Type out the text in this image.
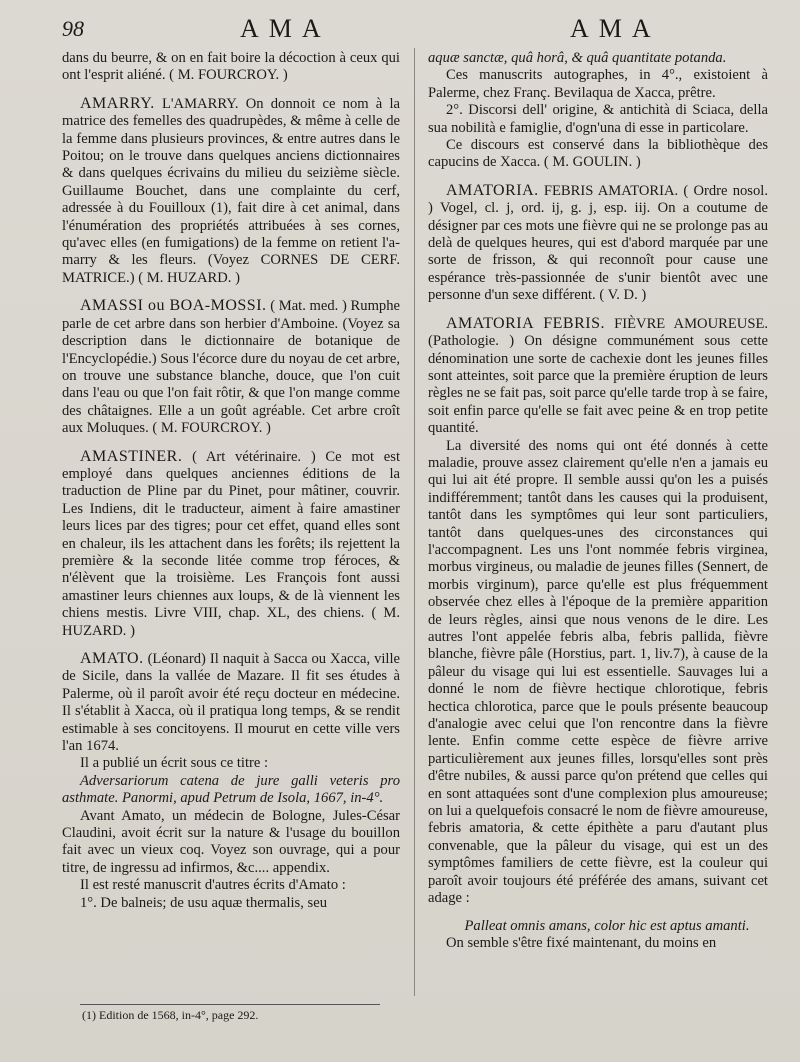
98	AMA	AMA

dans du beurre, & on en fait boire la décoction à ceux qui ont l'esprit aliéné. ( M. FOURCROY. )

AMARRY. L'AMARRY. On donnoit ce nom à la matrice des femelles des quadrupèdes, & même à celle de la femme dans plusieurs provinces, & entre autres dans le Poitou; on le trouve dans quelques anciens dictionnaires & dans quelques écrivains du milieu du seizième siècle. Guillaume Bouchet, dans une complainte du cerf, adressée à du Fouilloux (1), fait dire à cet animal, dans l'énumération des propriétés attribuées à ses cornes, qu'avec elles (en fumigations) de la femme on retient l'a-marry & les fleurs. (Voyez CORNES DE CERF. MATRICE.) ( M. HUZARD. )

AMASSI ou BOA-MOSSI. ( Mat. med. ) Rumphe parle de cet arbre dans son herbier d'Amboine. (Voyez sa description dans le dictionnaire de botanique de l'Encyclopédie.) Sous l'écorce dure du noyau de cet arbre, on trouve une substance blanche, douce, que l'on cuit dans l'eau ou que l'on fait rôtir, & que l'on mange comme des châtaignes. Elle a un goût agréable. Cet arbre croît aux Moluques. ( M. FOURCROY. )

AMASTINER. ( Art vétérinaire. ) Ce mot est employé dans quelques anciennes éditions de la traduction de Pline par du Pinet, pour mâtiner, couvrir. Les Indiens, dit le traducteur, aiment à faire amastiner leurs lices par des tigres; pour cet effet, quand elles sont en chaleur, ils les attachent dans les forêts; ils rejettent la première & la seconde litée comme trop féroces, & n'élèvent que la troisième. Les François font aussi amastiner leurs chiennes aux loups, & de là viennent les chiens mestis. Livre VIII, chap. XL, des chiens. ( M. HUZARD. )

AMATO. (Léonard) Il naquit à Sacca ou Xacca, ville de Sicile, dans la vallée de Mazare. Il fit ses études à Palerme, où il paroît avoir été reçu docteur en médecine. Il s'établit à Xacca, où il pratiqua long temps, & se rendit estimable à ses concitoyens. Il mourut en cette ville vers l'an 1674.

Il a publié un écrit sous ce titre :

Adversariorum catena de jure galli veteris pro asthmate. Panormi, apud Petrum de Isola, 1667, in-4°.

Avant Amato, un médecin de Bologne, Jules-César Claudini, avoit écrit sur la nature & l'usage du bouillon fait avec un vieux coq. Voyez son ouvrage, qui a pour titre, de ingressu ad infirmos, &c.... appendix.

Il est resté manuscrit d'autres écrits d'Amato :

1°. De balneis; de usu aquæ thermalis, seu

aquæ sanctæ, quâ horâ, & quâ quantitate potanda.

Ces manuscrits autographes, in 4°., existoient à Palerme, chez Franç. Bevilaqua de Xacca, prêtre.

2°. Discorsi dell' origine, & antichità di Sciaca, della sua nobilità e famiglie, d'ogn'una di esse in particolare.

Ce discours est conservé dans la bibliothèque des capucins de Xacca. ( M. GOULIN. )

AMATORIA. FEBRIS AMATORIA. ( Ordre nosol. ) Vogel, cl. j, ord. ij, g. j, esp. iij. On a coutume de désigner par ces mots une fièvre qui ne se prolonge pas au delà de quelques heures, qui est d'abord marquée par une sorte de frisson, & qui reconnoît pour cause une espérance très-passionnée de s'unir bientôt avec une personne d'un sexe différent. ( V. D. )

AMATORIA FEBRIS. FIÈVRE AMOUREUSE. (Pathologie. ) On désigne communément sous cette dénomination une sorte de cachexie dont les jeunes filles sont atteintes, soit parce que la première éruption de leurs règles ne se fait pas, soit parce qu'elle tarde trop à se faire, soit enfin parce qu'elle se fait avec peine & en trop petite quantité.

La diversité des noms qui ont été donnés à cette maladie, prouve assez clairement qu'elle n'en a jamais eu qui lui ait été propre. Il semble aussi qu'on les a puisés indifféremment; tantôt dans les causes qui la produisent, tantôt dans les symptômes qui leur sont particuliers, tantôt dans quelques-unes des circonstances qui l'accompagnent. Les uns l'ont nommée febris virginea, morbus virgineus, ou maladie de jeunes filles (Sennert, de morbis virginum), parce qu'elle est plus fréquemment observée chez elles à l'époque de la première apparition de leurs règles, ainsi que nous venons de le dire. Les autres l'ont appelée febris alba, febris pallida, fièvre blanche, fièvre pâle (Horstius, part. 1, liv.7), à cause de la pâleur du visage qui lui est essentielle. Sauvages lui a donné le nom de fièvre hectique chlorotique, febris hectica chlorotica, parce que le pouls présente beaucoup d'analogie avec celui que l'on rencontre dans la fièvre lente. Enfin comme cette espèce de fièvre arrive particulièrement aux jeunes filles, lorsqu'elles sont près d'être nubiles, & aussi parce qu'on prétend que celles qui en sont attaquées sont d'une complexion plus amoureuse; on lui a quelquefois consacré le nom de fièvre amoureuse, febris amatoria, & cette épithète a paru d'autant plus convenable, que la pâleur du visage, qui est un des symptômes familiers de cette fièvre, est la couleur qui paroît avoir toujours été préférée des amans, suivant cet adage :

Palleat omnis amans, color hic est aptus amanti.

On semble s'être fixé maintenant, du moins en

(1) Edition de 1568, in-4°, page 292.
